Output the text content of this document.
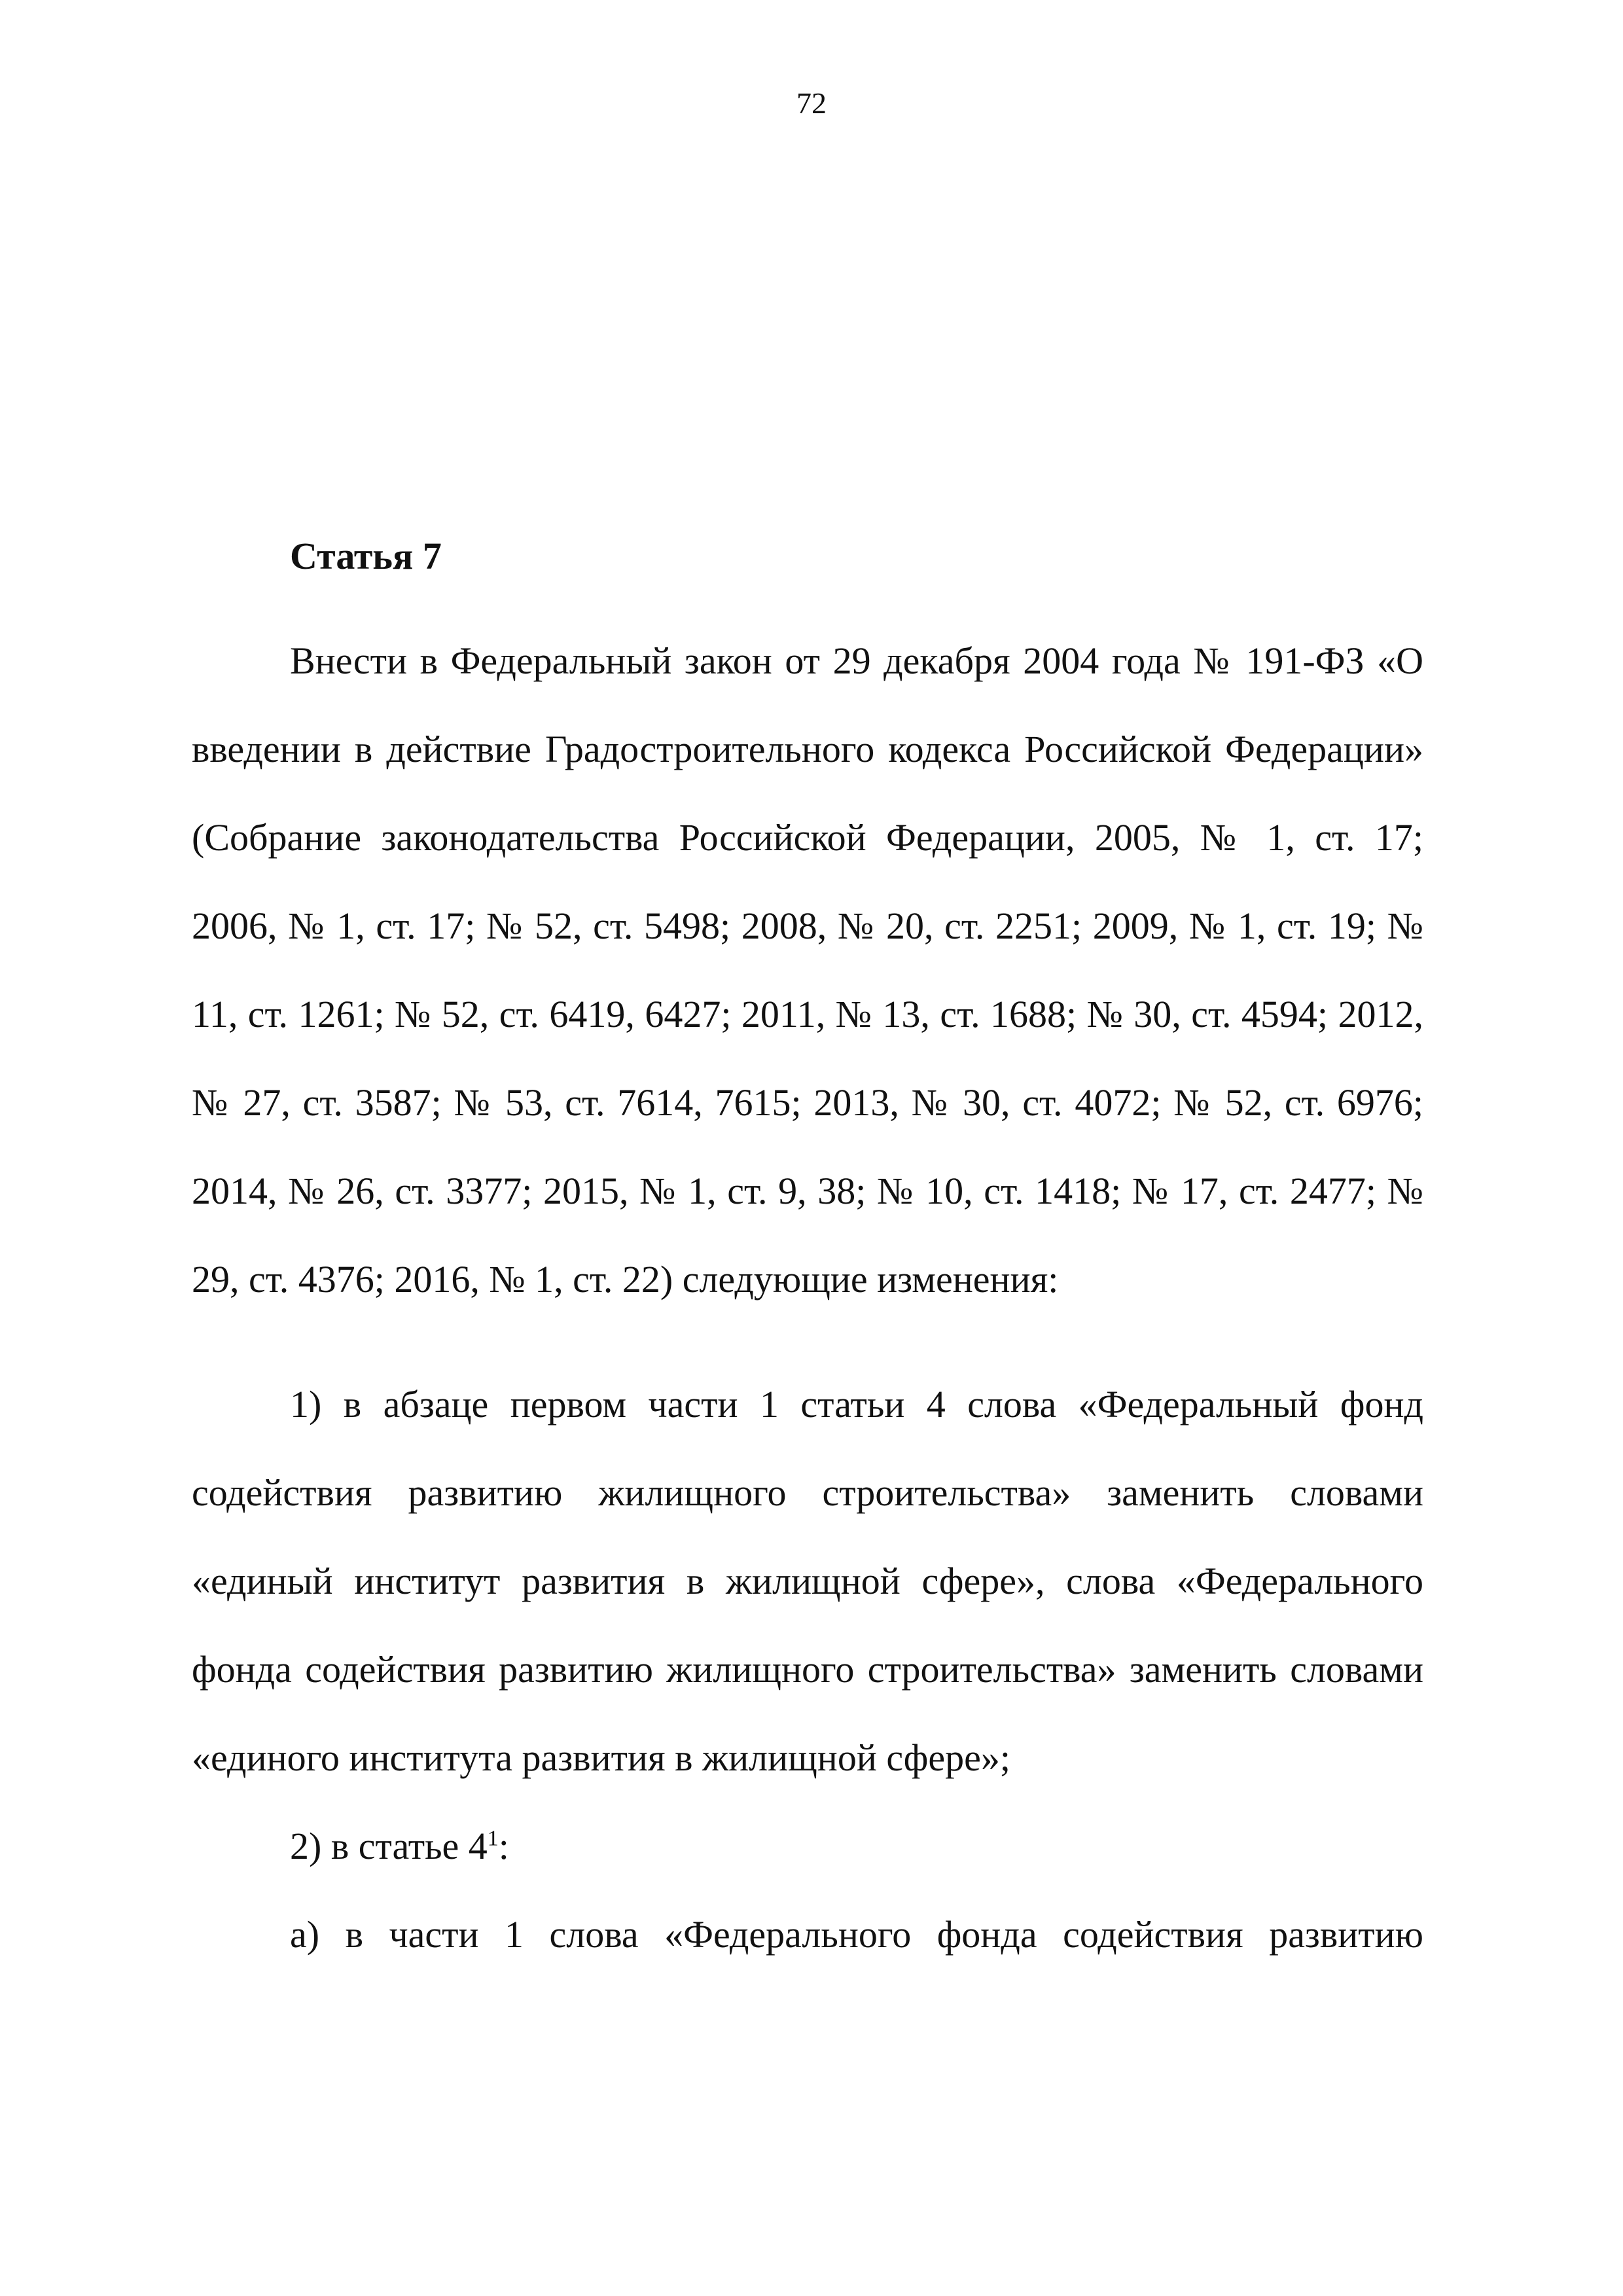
72
Статья 7

Внести в Федеральный закон от 29 декабря 2004 года № 191-ФЗ «О введении в действие Градостроительного кодекса Российской Федерации» (Собрание законодательства Российской Федерации, 2005, № 1, ст. 17; 2006, № 1, ст. 17; № 52, ст. 5498; 2008, № 20, ст. 2251; 2009, № 1, ст. 19; № 11, ст. 1261; № 52, ст. 6419, 6427; 2011, № 13, ст. 1688; № 30, ст. 4594; 2012, № 27, ст. 3587; № 53, ст. 7614, 7615; 2013, № 30, ст. 4072; № 52, ст. 6976; 2014, № 26, ст. 3377; 2015, № 1, ст. 9, 38; № 10, ст. 1418; № 17, ст. 2477; № 29, ст. 4376; 2016, № 1, ст. 22) следующие изменения:

1) в абзаце первом части 1 статьи 4 слова «Федеральный фонд содействия развитию жилищного строительства» заменить словами «единый институт развития в жилищной сфере», слова «Федерального фонда содействия развитию жилищного строительства» заменить словами «единого института развития в жилищной сфере»;

2) в статье $4^1$:

а) в части 1 слова «Федерального фонда содействия развитию
